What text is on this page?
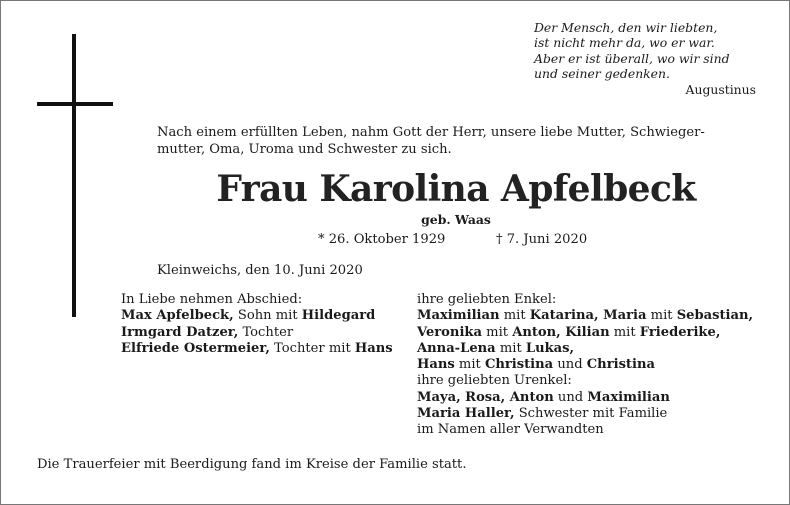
Der Mensch, den wir liebten,
ist nicht mehr da, wo er war.
Aber er ist überall, wo wir sind
und seiner gedenken.
Augustinus
Nach einem erfüllten Leben, nahm Gott der Herr, unsere liebe Mutter, Schwieger-
mutter, Oma, Uroma und Schwester zu sich.
Frau Karolina Apfelbeck
geb. Waas
* 26. Oktober 1929	† 7. Juni 2020
Kleinweichs, den 10. Juni 2020
In Liebe nehmen Abschied:
Max Apfelbeck, Sohn mit Hildegard
Irmgard Datzer, Tochter
Elfriede Ostermeier, Tochter mit Hans
ihre geliebten Enkel:
Maximilian mit Katarina, Maria mit Sebastian,
Veronika mit Anton, Kilian mit Friederike,
Anna-Lena mit Lukas,
Hans mit Christina und Christina
ihre geliebten Urenkel:
Maya, Rosa, Anton und Maximilian
Maria Haller, Schwester mit Familie
im Namen aller Verwandten
Die Trauerfeier mit Beerdigung fand im Kreise der Familie statt.
